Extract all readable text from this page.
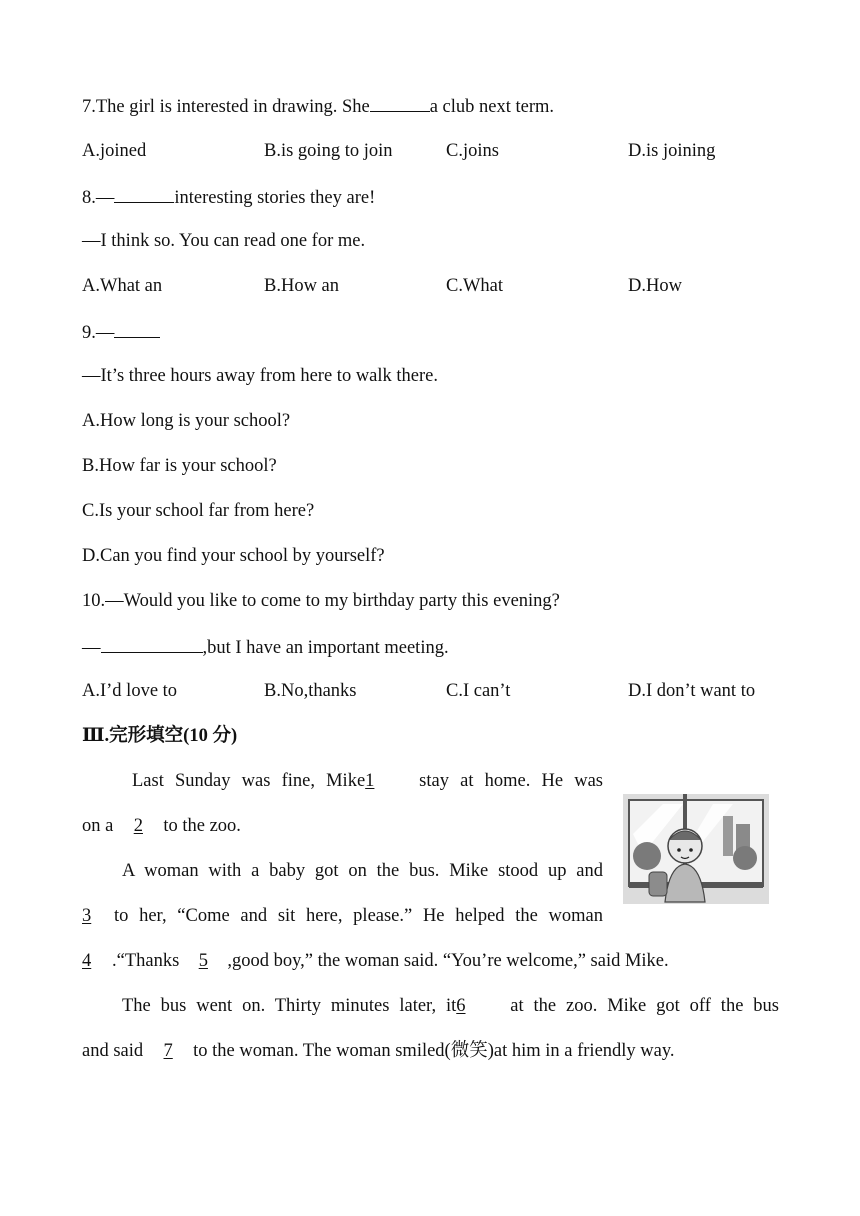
7.The girl is interested in drawing. She	a club next term.
A.joined	B.is going to join	C.joins	D.is joining
8.—	interesting stories they are!
—I think so. You can read one for me.
A.What an	B.How an	C.What	D.How
9.—
—It’s three hours away from here to walk there.
A.How long is your school?
B.How far is your school?
C.Is your school far from here?
D.Can you find your school by yourself?
10.—Would you like to come to my birthday party this evening?
—	,but I have an important meeting.
A.I’d love to	B.No,thanks	C.I can’t	D.I don’t want to
Ⅲ.完形填空(10 分)
Last Sunday was fine, Mike1 stay at home. He was
on a 2 to the zoo.
A woman with a baby got on the bus. Mike stood up and
3 to her, “Come and sit here, please.” He helped the woman
4 .“Thanks 5 ,good boy,” the woman said. “You’re welcome,” said Mike.
The bus went on. Thirty minutes later, it6 at the zoo. Mike got off the bus
and said 7 to the woman. The woman smiled(微笑)at him in a friendly way.
